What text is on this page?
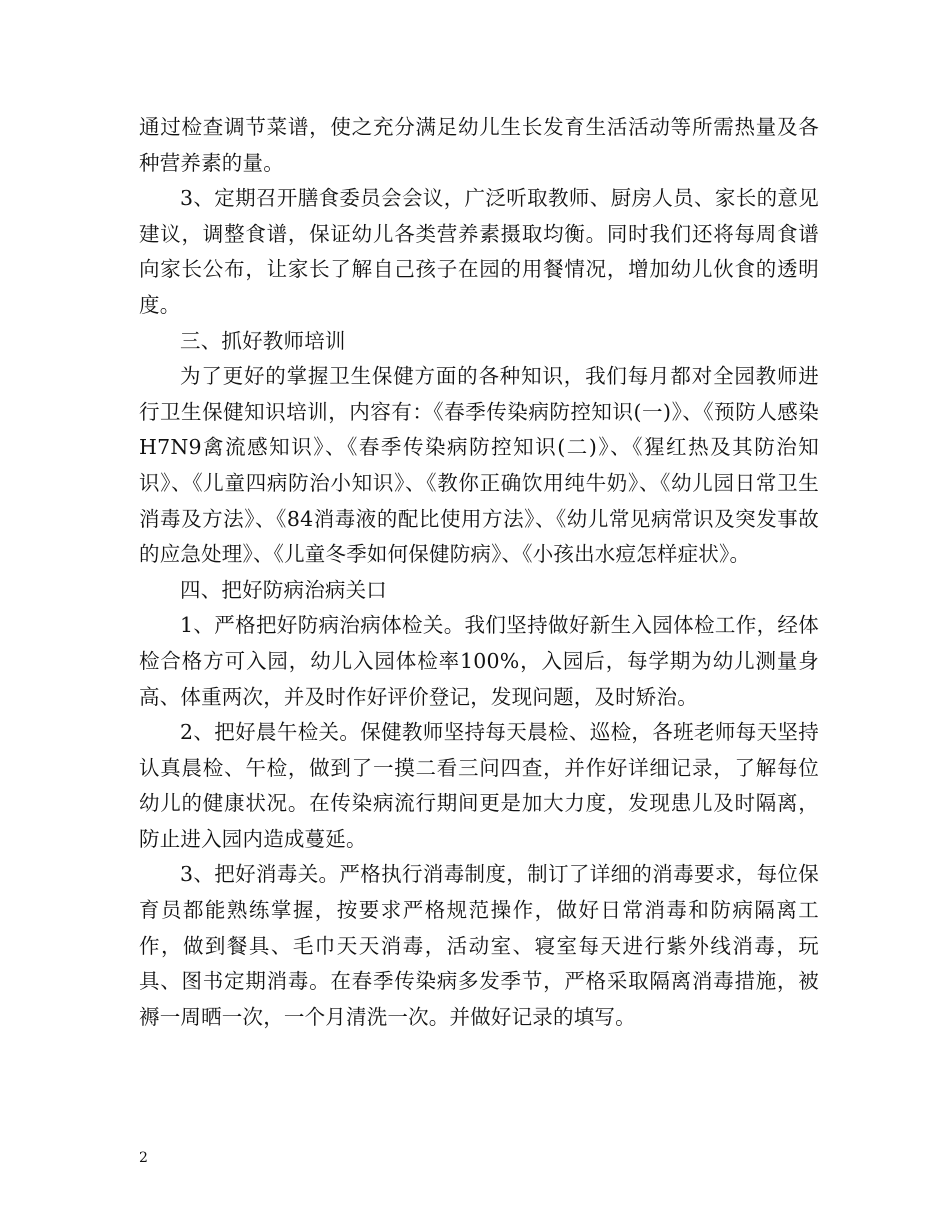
通过检查调节菜谱，使之充分满足幼儿生长发育生活活动等所需热量及各种营养素的量。

3、定期召开膳食委员会会议，广泛听取教师、厨房人员、家长的意见建议，调整食谱，保证幼儿各类营养素摄取均衡。同时我们还将每周食谱向家长公布，让家长了解自己孩子在园的用餐情况，增加幼儿伙食的透明度。

三、抓好教师培训

为了更好的掌握卫生保健方面的各种知识，我们每月都对全园教师进行卫生保健知识培训，内容有：《春季传染病防控知识(一)》、《预防人感染H7N9禽流感知识》、《春季传染病防控知识(二)》、《猩红热及其防治知识》、《儿童四病防治小知识》、《教你正确饮用纯牛奶》、《幼儿园日常卫生消毒及方法》、《84消毒液的配比使用方法》、《幼儿常见病常识及突发事故的应急处理》、《儿童冬季如何保健防病》、《小孩出水痘怎样症状》。

四、把好防病治病关口

1、严格把好防病治病体检关。我们坚持做好新生入园体检工作，经体检合格方可入园，幼儿入园体检率100%，入园后，每学期为幼儿测量身高、体重两次，并及时作好评价登记，发现问题，及时矫治。

2、把好晨午检关。保健教师坚持每天晨检、巡检，各班老师每天坚持认真晨检、午检，做到了一摸二看三问四查，并作好详细记录，了解每位幼儿的健康状况。在传染病流行期间更是加大力度，发现患儿及时隔离，防止进入园内造成蔓延。

3、把好消毒关。严格执行消毒制度，制订了详细的消毒要求，每位保育员都能熟练掌握，按要求严格规范操作，做好日常消毒和防病隔离工作，做到餐具、毛巾天天消毒，活动室、寝室每天进行紫外线消毒，玩具、图书定期消毒。在春季传染病多发季节，严格采取隔离消毒措施，被褥一周晒一次，一个月清洗一次。并做好记录的填写。

2
